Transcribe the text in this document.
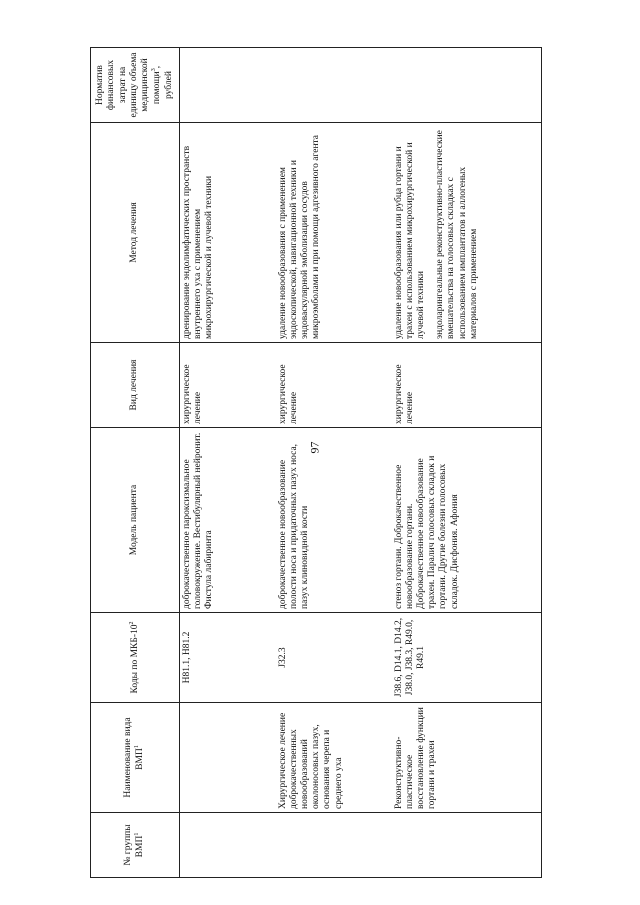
97
№ группы ВМП$^1$	Наименование вида ВМП$^1$	Коды по МКБ-$10^2$	Модель пациента	Вид лечения	Метод лечения	Норматив финансовых затрат на единицу объема медицинской помощи$^3$, рублей
		H81.1, H81.2	доброкачественное пароксизмальное головокружение. Вестибулярный нейронит. Фистула лабиринта	хирургическое лечение	дренирование эндолимфатических пространств внутреннего уха с применением микрохирургической и лучевой техники	
	Хирургическое лечение доброкачественных новообразований околоносовых пазух, основания черепа и среднего уха	J32.3	доброкачественное новообразование полости носа и придаточных пазух носа, пазух клиновидной кости	хирургическое лечение	удаление новообразования с применением эндоскопической, навигационной техники и эндоваскулярной эмболизации сосудов микроэмболами и при помощи адгезивного агента	
	Реконструктивно-пластическое восстановление функции гортани и трахеи	J38.6, D14.1, D14.2, J38.0, J38.3, R49.0, R49.1	стеноз гортани. Доброкачественное новообразование гортани. Доброкачественное новообразование трахеи. Паралич голосовых складок и гортани. Другие болезни голосовых складок. Дисфония. Афония	хирургическое лечение	удаление новообразования или рубца гортани и трахеи с использованием микрохирургической и лучевой техники эндоларингеальные реконструктивно-пластические вмешательства на голосовых складках с использованием имплантатов и аллогеных материалов с применением	
